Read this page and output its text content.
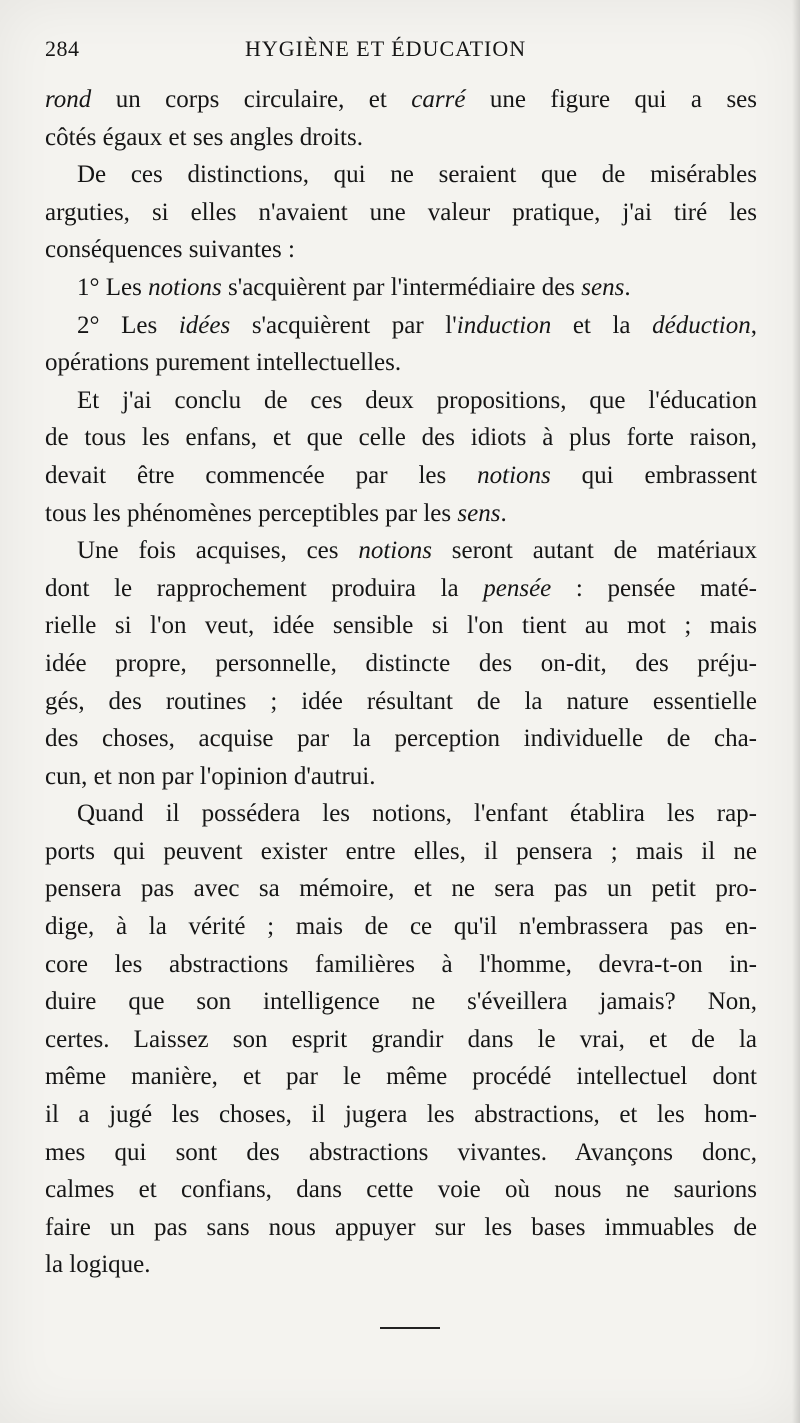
284	HYGIÈNE ET ÉDUCATION
rond un corps circulaire, et carré une figure qui a ses
côtés égaux et ses angles droits.
De ces distinctions, qui ne seraient que de misérables
arguties, si elles n'avaient une valeur pratique, j'ai tiré les
conséquences suivantes :
1° Les notions s'acquièrent par l'intermédiaire des sens.
2° Les idées s'acquièrent par l'induction et la déduction,
opérations purement intellectuelles.
Et j'ai conclu de ces deux propositions, que l'éducation
de tous les enfans, et que celle des idiots à plus forte raison,
devait être commencée par les notions qui embrassent
tous les phénomènes perceptibles par les sens.
Une fois acquises, ces notions seront autant de matériaux
dont le rapprochement produira la pensée : pensée maté-
rielle si l'on veut, idée sensible si l'on tient au mot ; mais
idée propre, personnelle, distincte des on-dit, des préju-
gés, des routines ; idée résultant de la nature essentielle
des choses, acquise par la perception individuelle de cha-
cun, et non par l'opinion d'autrui.
Quand il possédera les notions, l'enfant établira les rap-
ports qui peuvent exister entre elles, il pensera ; mais il ne
pensera pas avec sa mémoire, et ne sera pas un petit pro-
dige, à la vérité ; mais de ce qu'il n'embrassera pas en-
core les abstractions familières à l'homme, devra-t-on in-
duire que son intelligence ne s'éveillera jamais? Non,
certes. Laissez son esprit grandir dans le vrai, et de la
même manière, et par le même procédé intellectuel dont
il a jugé les choses, il jugera les abstractions, et les hom-
mes qui sont des abstractions vivantes. Avançons donc,
calmes et confians, dans cette voie où nous ne saurions
faire un pas sans nous appuyer sur les bases immuables de
la logique.
